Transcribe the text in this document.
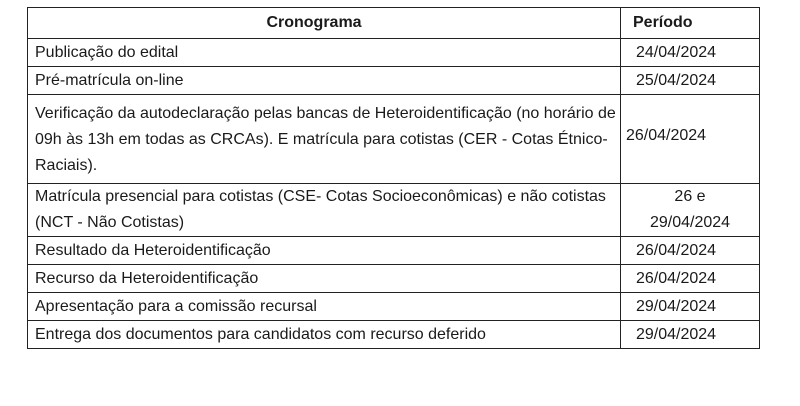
Cronograma	Período
Publicação do edital	24/04/2024
Pré-matrícula on-line	25/04/2024
Verificação da autodeclaração pelas bancas de Heteroidentificação (no horário de 09h às 13h em todas as CRCAs). E matrícula para cotistas (CER - Cotas Étnico-Raciais).	26/04/2024
Matrícula presencial para cotistas (CSE- Cotas Socioeconômicas) e não cotistas (NCT - Não Cotistas)	26 e
29/04/2024

Resultado da Heteroidentificação	26/04/2024
Recurso da Heteroidentificação	26/04/2024
Apresentação para a comissão recursal	29/04/2024
Entrega dos documentos para candidatos com recurso deferido	29/04/2024
